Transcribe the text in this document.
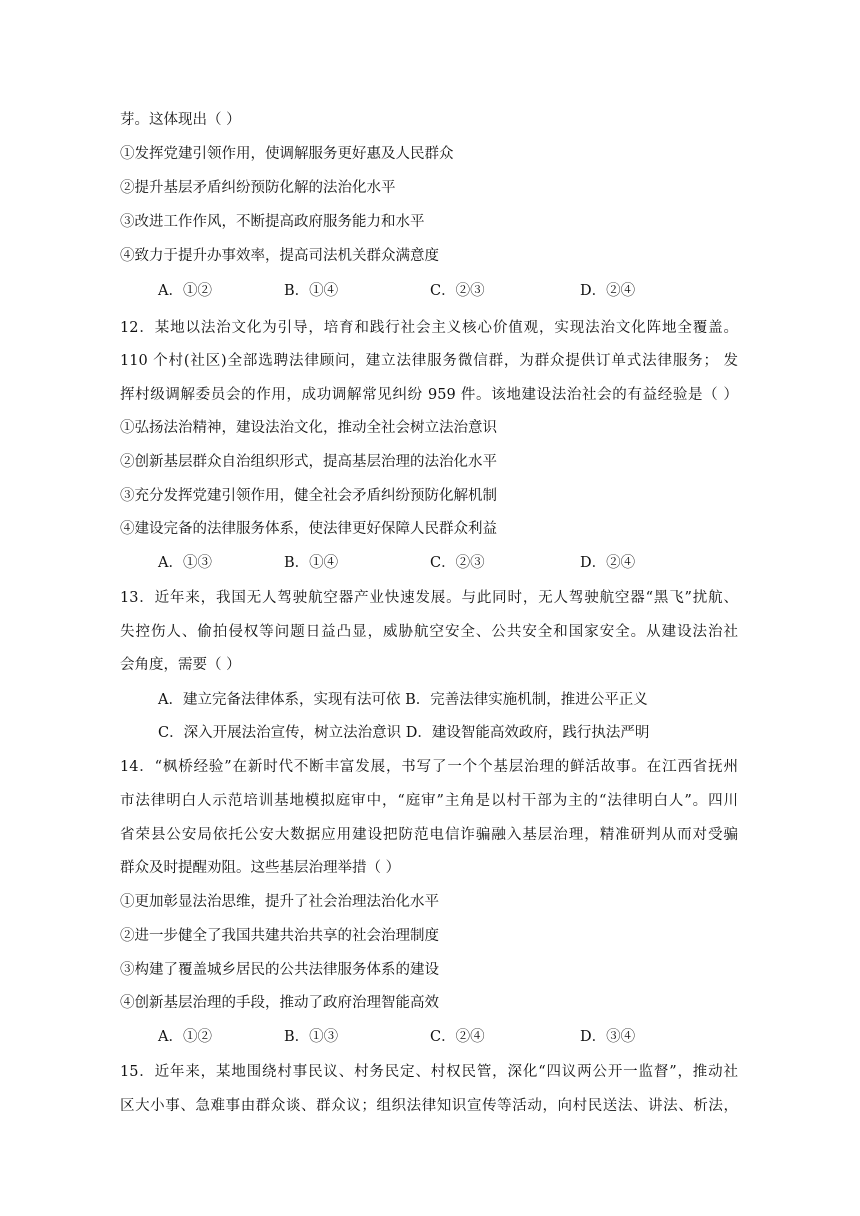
芽。这体现出（ ）
①发挥党建引领作用，使调解服务更好惠及人民群众
②提升基层矛盾纠纷预防化解的法治化水平
③改进工作作风，不断提高政府服务能力和水平
④致力于提升办事效率，提高司法机关群众满意度
A．①②	B．①④	C．②③	D．②④
12．某地以法治文化为引导，培育和践行社会主义核心价值观，实现法治文化阵地全覆盖。
110 个村(社区)全部选聘法律顾问，建立法律服务微信群，为群众提供订单式法律服务； 发
挥村级调解委员会的作用，成功调解常见纠纷 959 件。该地建设法治社会的有益经验是（ ）
①弘扬法治精神，建设法治文化，推动全社会树立法治意识
②创新基层群众自治组织形式，提高基层治理的法治化水平
③充分发挥党建引领作用，健全社会矛盾纠纷预防化解机制
④建设完备的法律服务体系，使法律更好保障人民群众利益
A．①③	B．①④	C．②③	D．②④
13．近年来，我国无人驾驶航空器产业快速发展。与此同时，无人驾驶航空器“黑飞”扰航、
失控伤人、偷拍侵权等问题日益凸显，威胁航空安全、公共安全和国家安全。从建设法治社
会角度，需要（ ）
A．建立完备法律体系，实现有法可依 B．完善法律实施机制，推进公平正义
C．深入开展法治宣传，树立法治意识 D．建设智能高效政府，践行执法严明
14．“枫桥经验”在新时代不断丰富发展，书写了一个个基层治理的鲜活故事。在江西省抚州
市法律明白人示范培训基地模拟庭审中，“庭审”主角是以村干部为主的“法律明白人”。四川
省荣县公安局依托公安大数据应用建设把防范电信诈骗融入基层治理，精准研判从而对受骗
群众及时提醒劝阻。这些基层治理举措（ ）
①更加彰显法治思维，提升了社会治理法治化水平
②进一步健全了我国共建共治共享的社会治理制度
③构建了覆盖城乡居民的公共法律服务体系的建设
④创新基层治理的手段，推动了政府治理智能高效
A．①②	B．①③	C．②④	D．③④
15．近年来，某地围绕村事民议、村务民定、村权民管，深化“四议两公开一监督”，推动社
区大小事、急难事由群众谈、群众议；组织法律知识宣传等活动，向村民送法、讲法、析法，
